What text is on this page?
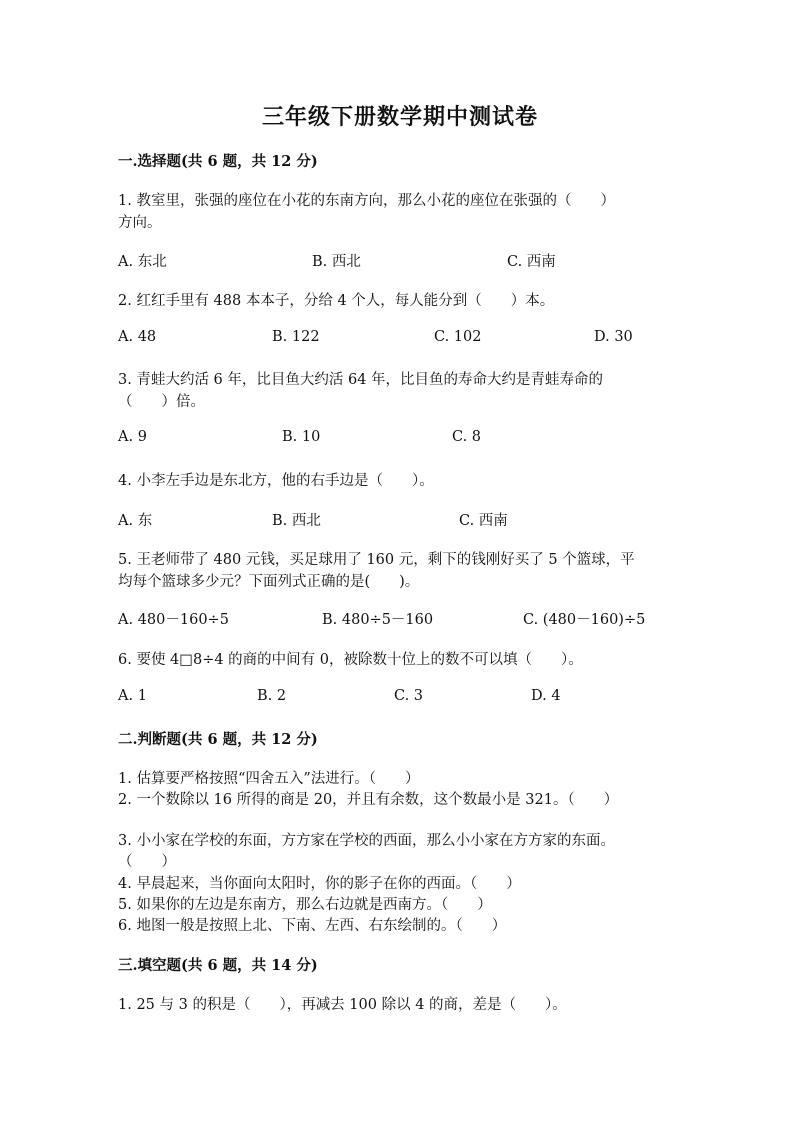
三年级下册数学期中测试卷
一.选择题(共 6 题，共 12 分)
1. 教室里，张强的座位在小花的东南方向，那么小花的座位在张强的（　　）
方向。
A. 东北	B. 西北	C. 西南
2. 红红手里有 488 本本子，分给 4 个人，每人能分到（　　）本。
A. 48	B. 122	C. 102	D. 30
3. 青蛙大约活 6 年，比目鱼大约活 64 年，比目鱼的寿命大约是青蛙寿命的
（　　）倍。
A. 9	B. 10	C. 8
4. 小李左手边是东北方，他的右手边是（　　）。
A. 东	B. 西北	C. 西南
5. 王老师带了 480 元钱，买足球用了 160 元，剩下的钱刚好买了 5 个篮球，平
均每个篮球多少元？下面列式正确的是(　　)。
A. 480－160÷5	B. 480÷5－160	C. (480－160)÷5
6. 要使 4□8÷4 的商的中间有 0，被除数十位上的数不可以填（　　）。
A. 1	B. 2	C. 3	D. 4
二.判断题(共 6 题，共 12 分)
1. 估算要严格按照“四舍五入”法进行。（　　）
2. 一个数除以 16 所得的商是 20，并且有余数，这个数最小是 321。（　　）
3. 小小家在学校的东面，方方家在学校的西面，那么小小家在方方家的东面。
（　　）
4. 早晨起来，当你面向太阳时，你的影子在你的西面。（　　）
5. 如果你的左边是东南方，那么右边就是西南方。（　　）
6. 地图一般是按照上北、下南、左西、右东绘制的。（　　）
三.填空题(共 6 题，共 14 分)
1. 25 与 3 的积是（　　），再减去 100 除以 4 的商，差是（　　）。
